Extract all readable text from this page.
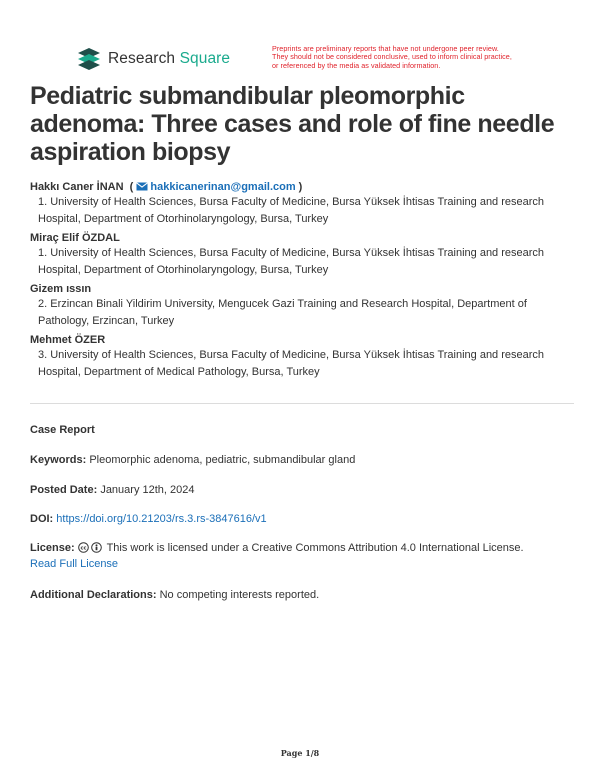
Research Square
Preprints are preliminary reports that have not undergone peer review.
They should not be considered conclusive, used to inform clinical practice,
or referenced by the media as validated information.
Pediatric submandibular pleomorphic adenoma: Three cases and role of fine needle aspiration biopsy
Hakkı Caner İNAN  ( hakkicanerinan@gmail.com )
1. University of Health Sciences, Bursa Faculty of Medicine, Bursa Yüksek İhtisas Training and research Hospital, Department of Otorhinolaryngology, Bursa, Turkey
Miraç Elif ÖZDAL
1. University of Health Sciences, Bursa Faculty of Medicine, Bursa Yüksek İhtisas Training and research Hospital, Department of Otorhinolaryngology, Bursa, Turkey
Gizem ıssın
2. Erzincan Binali Yildirim University, Mengucek Gazi Training and Research Hospital, Department of Pathology, Erzincan, Turkey
Mehmet ÖZER
3. University of Health Sciences, Bursa Faculty of Medicine, Bursa Yüksek İhtisas Training and research Hospital, Department of Medical Pathology, Bursa, Turkey
Case Report
Keywords: Pleomorphic adenoma, pediatric, submandibular gland
Posted Date: January 12th, 2024
DOI: https://doi.org/10.21203/rs.3.rs-3847616/v1
License: cc This work is licensed under a Creative Commons Attribution 4.0 International License.
Read Full License
Additional Declarations: No competing interests reported.
Page 1/8
